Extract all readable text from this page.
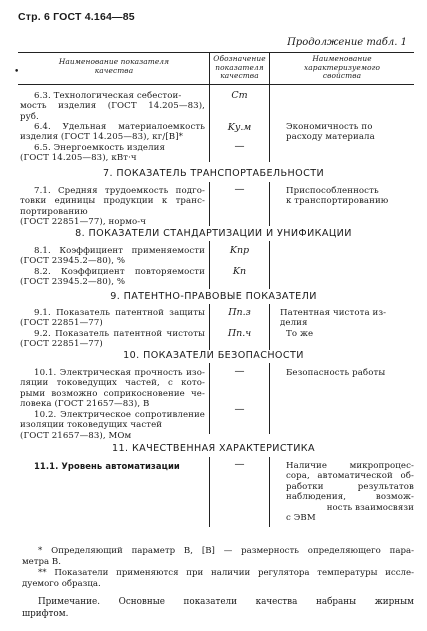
Стр. 6 ГОСТ 4.164—85
Продолжение табл. 1
•
Наименование показателя
качества
Обозначение
показателя
качества
Наименование
характеризуемого
свойства
6.3. Технологическая себестои-
мость изделия (ГОСТ 14.205—83),
руб.
Cт
6.4. Удельная материалоемкость
изделия (ГОСТ 14.205—83), кг/[B]*
Kу.м	Экономичность по
расходу материала
6.5. Энергоемкость изделия
(ГОСТ 14.205—83), кВт·ч
—
7. ПОКАЗАТЕЛЬ ТРАНСПОРТАБЕЛЬНОСТИ
7.1. Средняя трудоемкость подго-
товки единицы продукции к транс-
портированию
(ГОСТ 22851—77), нормо-ч
—	Приспособленность
к транспортированию
8. ПОКАЗАТЕЛИ СТАНДАРТИЗАЦИИ И УНИФИКАЦИИ
8.1. Коэффициент применяемости
(ГОСТ 23945.2—80), %
Kпр
8.2. Коэффициент повторяемости
(ГОСТ 23945.2—80), %
Kп
9. ПАТЕНТНО-ПРАВОВЫЕ ПОКАЗАТЕЛИ
9.1. Показатель патентной защиты
(ГОСТ 22851—77)
Пп.з	Патентная чистота из-
делия
9.2. Показатель патентной чистоты
(ГОСТ 22851—77)
Пп.ч	То же
10. ПОКАЗАТЕЛИ БЕЗОПАСНОСТИ
10.1. Электрическая прочность изо-
ляции токоведущих частей, с кото-
рыми возможно соприкосновение че-
ловека (ГОСТ 21657—83), В
—	Безопасность работы
10.2. Электрическое сопротивление
изоляции токоведущих частей
(ГОСТ 21657—83), МОм
—
11. КАЧЕСТВЕННАЯ ХАРАКТЕРИСТИКА
11.1. Уровень автоматизации	—	Наличие микропроцес-
сора, автоматической об-
работки результатов
наблюдения, возмож-
ность взаимосвязи
с ЭВМ
* Определяющий параметр В, [В] — размерность определяющего пара-
метра В.
** Показатели применяются при наличии регулятора температуры иссле-
дуемого образца.
Примечание. Основные показатели качества набраны жирным
шрифтом.
